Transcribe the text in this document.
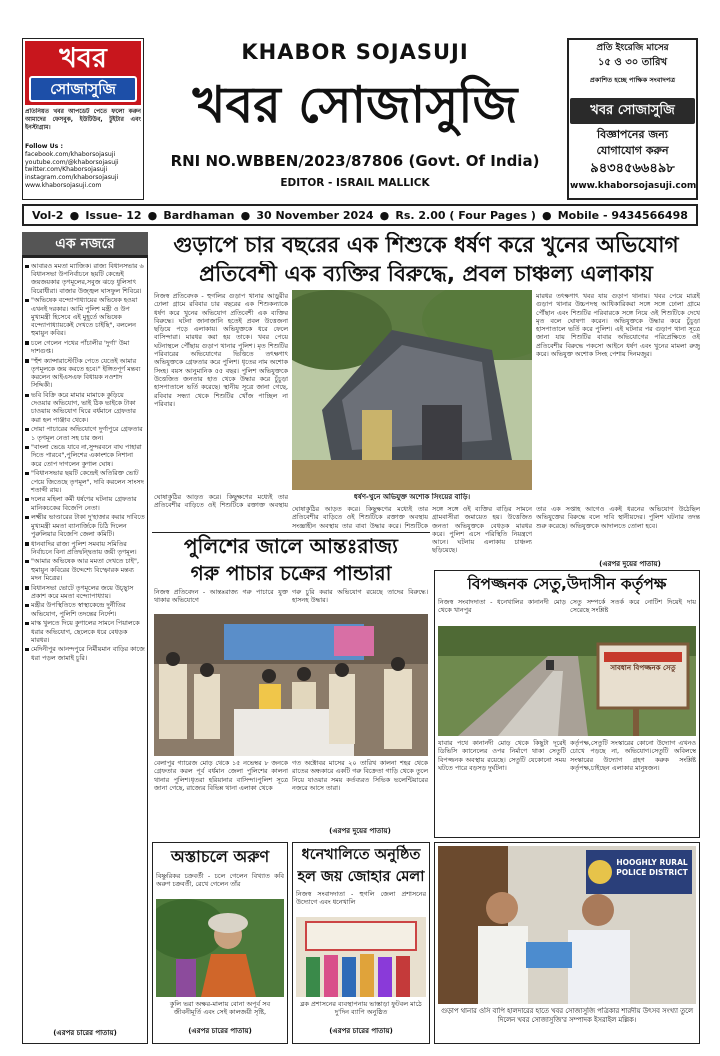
খবর
সোজাসুজি
প্রতিনিয়ত খবর আপডেট পেতে ফলো করুন আমাদের ফেসবুক, ইউটিউব, টুইটার এবং ইনস্টাগ্রাম।
Follow Us :
facebook.com/khaborsojasuji
youtube.com/@khaborsojasuji
twitter.com/Khaborsojasuji
instagram.com/khaborsojasuji
www.khaborsojasuji.com
KHABOR SOJASUJI
খবর সোজাসুজি
RNI NO.WBBEN/2023/87806 (Govt. Of India)
EDITOR - ISRAIL MALLICK
প্রতি ইংরেজি মাসের
১৫ ও ৩০ তারিখ
প্রকাশিত হচ্ছে পাক্ষিক সংবাদপত্র
খবর সোজাসুজি
বিজ্ঞাপনের জন্য
যোগাযোগ করুন
৯৪৩৪৫৬৬৪৯৮
www.khaborsojasuji.com
Vol-2 ● Issue- 12 ● Bardhaman ● 30 November 2024 ● Rs. 2.00 ( Four Pages ) ● Mobile - 9434566498
এক নজরে
আবারও মমতা ম্যাজিক। রাজ্য বিধানসভার ৬ বিধানসভা উপনির্বাচনে ছয়টি কেন্দ্রেই জয়জয়কার তৃণমূলের,সবুজ ঝড়ে ধুলিসাৎ বিরোধীরা। বাজার উজ্জ্বল ঘাসফুল শিবিরে।
"অভিষেক বন্দ্যোপাধ্যায়ের অভিষেক হওয়া এখনই দরকার। আমি পুলিশ মন্ত্রী ও উপ মুখ্যমন্ত্রী হিসেবে এই মুহূর্তে অভিষেক বন্দ্যোপাধ্যায়কেই দেখতে চাইছি", বললেন হুমায়ুন কবির।
চলে গেলেন পথের পাঁচালীর 'দুর্গা' উমা দাশগুপ্ত।
"হুঁশ ক্যান্সারাস্টেটিক পেতে যেতেই আমার তৃণমূলকে জয় করতে হবে।" ইঙ্গিতপূর্ণ মন্তব্য করলেন আইএসএফ বিধায়ক নওশাদ সিদ্দিকী।
ভবি বিক্রি করে মামার মামাকে কুড়িয়ে দেওয়ার অভিযোগ, ভাই ঠিক ভাইকে টাকা চাওয়ায় অভিযোগ ঘিরে বর্ধমানে গ্রেফতার করা হল পাঞ্জাব থেকে।
দোয়া পাচারের অভিযোগে দুর্গাপুরে গ্রেফতার ১ তৃণমূল নেতা সহ চার জন।
"বাংলা ভেঙে যাবে না,সুন্দরবনে বাঘ পাহারা দিতে পারবে",পুলিশের একাংশকে নিশানা করে তোপ দাগলেন কুণাল ঘোষ।
"বিধানসভার ছয়টি কেন্দ্রেই অতিরিক্ত ভোট পেয়ে জিতেছে তৃণমূল", দাবি করলেন সাংসদ শতাব্দী রায়।
দলের মহিলা কর্মী ধর্ষণের ঘটনায় গ্রেফতার মানিকচকের বিজেপি নেতা।
লক্ষ্মীর ভাণ্ডারের টাকা দু'হাজার করার দাবিতে মুখ্যমন্ত্রী মমতা ব্যানার্জিকে চিঠি দিলেন পুরুলিয়ার বিজেপি জেলা কমিটি।
ধানবাদির রাজ্য পুলিশ সমবায় সমিতির নির্বাচনে বিনা প্রতিদ্বন্দ্বিতায় জয়ী তৃণমূল।
"আমার অভিষেক আর মমতা দেখতে চাই", হুমায়ুন কবিরের উদ্দেশ্যে বিস্ফোরক মন্তব্য মদন মিত্রের।
বিধানসভা ভোটে তৃণমূলের জয়ে উচ্ছ্বাস প্রকাশ করে মমতা বন্দ্যোপাধ্যায়।
মন্ত্রীর উপস্থিতিতে স্বাস্থ্যকেন্দ্রে দুর্নীতির অভিযোগ, পুলিশি তদন্তের নির্দেশ।
মাস্ক খুলতে দিয়ে কুণালের সামনে পিয়ালকে ধরার অভিযোগ, ছেলেকে ধরে বেধড়ক মারধর।
মেদিনীপুর আনন্দপুরে নির্মীয়মান বাড়ির কাজে ধরা পড়ল জামাই চুরি।
(এরপর চারের পাতায়)
গুড়াপে চার বছরের এক শিশুকে ধর্ষণ করে খুনের অভিযোগ
প্রতিবেশী এক ব্যক্তির বিরুদ্ধে, প্রবল চাঞ্চল্য এলাকায়
নিজস্ব প্রতিবেদক - হুগলির গুড়াপ থানার আড়ুরীর ঢোলা গ্রামে রবিবার চার বছরের এক শিশুকন্যাকে ধর্ষণ করে খুনের অভিযোগ প্রতিবেশী এক ব্যক্তির বিরুদ্ধে। ঘটনা জানাজানি হতেই প্রবল উত্তেজনা ছড়িয়ে পড়ে এলাকায়। অভিযুক্তকে ধরে ফেলে বাসিন্দারা। মারধর করা হয় তাকে। খবর পেয়ে ঘটনাস্থলে পৌঁছায় গুড়াপ থানার পুলিশ। মৃত শিশুটির পরিবারের অভিযোগের ভিত্তিতে তৎক্ষণাৎ অভিযুক্তকে গ্রেফতার করে পুলিশ। ধৃতের নাম অশোক সিংহ। বয়স আনুমানিক ৫৫ বছর। পুলিশ অভিযুক্তকে উত্তেজিত জনতার হাত থেকে উদ্ধার করে চুঁচুড়া হাসপাতালে ভর্তি করেছে। স্থানীয় সূত্রে জানা গেছে, রবিবার সন্ধ্যা থেকে শিশুটির খোঁজ পাচ্ছিল না পরিবার।
মারধর তৎক্ষণাৎ খবর যায় গুড়াপ থানায়। খবর পেয়ে মাত্রই গুড়াপ থানার উচ্চপদস্থ আধিকারিকরা সঙ্গে সঙ্গে ঢোলা গ্রামে পৌঁছান এবং শিশুটির পরিবারকে সঙ্গে নিয়ে ওই শিশুটিকে দেখে মৃত বলে ঘোষণা করেন। অভিযুক্তকে উদ্ধার করে চুঁচুড়া হাসপাতালে ভর্তি করে পুলিশ। এই ঘটনার পর গুড়াপ থানা সূত্রে জানা যায় শিশুটির বাবার অভিযোগের পরিপ্রেক্ষিতে ওই প্রতিবেশীর বিরুদ্ধে পকসো আইনে ধর্ষণ এবং খুনের মামলা রুজু করে। অভিযুক্ত অশোক সিংহ পেশায় দিনমজুর।
ধর্ষণ-খুনে অভিযুক্ত অশোক সিংয়ের বাড়ি।
ঘোষাকুঠির আড়ত করে। কিছুক্ষণের মধ্যেই তার প্রতিবেশীর বাড়িতে ওই শিশুটিকে রক্তাক্ত অবস্থায় ঘোষাকুঠির আড়ত করে। কিছুক্ষণের মধ্যেই তার প্রতিবেশীর বাড়িতে ওই শিশুটিকে রক্তাক্ত অবস্থায় সংজ্ঞাহীন অবস্থায় তার বাবা উদ্ধার করে। শিশুটিকে
সঙ্গে সঙ্গে ওই ব্যক্তির বাড়ির সামনে গ্রামবাসীরা জমায়েত হয়। উত্তেজিত জনতা অভিযুক্তকে বেধড়ক মারধর করে। পুলিশ এসে পরিস্থিতি নিয়ন্ত্রণে আনে। ঘটনায় এলাকায় চাঞ্চল্য ছড়িয়েছে।
তার এক সপ্তাহ আগেও একই ধরনের অভিযোগ উঠেছিল অভিযুক্তের বিরুদ্ধে বলে দাবি স্থানীয়দের। পুলিশ ঘটনার তদন্ত শুরু করেছে। অভিযুক্তকে আদালতে তোলা হবে।
(এরপর দুয়ের পাতায়)
পুলিশের জালে আন্তঃরাজ্য
গরু পাচার চক্রের পান্ডারা
নিজস্ব প্রতিবেদন - আন্তঃরাজ্য গরু পাচারে যুক্ত থাকার অভিযোগে
গরু চুরি করার অভিযোগ রয়েছে তাদের বিরুদ্ধে। হাসনহ উদ্ধার।
বেলাপুর গ্যারেজ মোড় থেকে ১৫ নভেম্বর ৮ জনকে গ্রেফতার করল পূর্ব বর্ধমান জেলা পুলিশের কালনা থানার পুলিশ।ধৃতরা হরিয়ানার বাসিন্দা।পুলিশ সূত্রে জানা গেছে, রাজ্যের বিভিন্ন থানা এলাকা থেকে
গত অক্টোবর মাসের ২০ তারিখ কালনা শহর থেকে রাতের অন্ধকারে একটি গরু বিক্রেতা গাড়ি থেকে তুলে নিয়ে যাওয়ার সময় কর্তব্যরত সিভিক ভলেন্টিয়ারের নজরে আসে তারা।
(এরপর দুয়ের পাতায়)
বিপজ্জনক সেতু,উদাসীন কর্তৃপক্ষ
নিজস্ব সংবাদদাতা - ধনেখালির কানানদী মোড় থেকে খানপুর
সেতু সম্পর্কে সতর্ক করে নোটিশ দিয়েই দায় সেরেছে সংশ্লিষ্ট
সাবধান বিপজ্জনক সেতু
যাবার পথে কানানদী মোড় থেকে কিছুটা দূরেই ডিভিসি ক্যানেলের ওপর নির্মাণে থাকা সেতুটি বিপজ্জনক অবস্থায় রয়েছে। সেতুটি যেকোনো সময় ঘটতে পারে বড়সড় দুর্ঘটনা।
কর্তৃপক্ষ,সেতুটি সংস্কারের কোনো উদ্যোগ এখনও চোখে পড়ছে না, অভিযোগ।সেতুটি অবিলম্বে সংস্কারের উদ্যোগ গ্রহণ করুক সংশ্লিষ্ট কর্তৃপক্ষ,চাইছেন এলাকার মানুষজন।
অস্তাচলে অরুণ
বিষ্ণুরিকর চক্রবর্তী - চলে গেলেন বিখ্যাত কবি অরুণ চক্রবর্তী, রেখে গেলেন তাঁর
কুলি ভরা অক্ষর-মালায় বোনা অপূর্ব সব জীবনীমূর্তি এবং সেই কালজয়ী সৃষ্টি,
(এরপর চারের পাতায়)
ধনেখালিতে অনুষ্ঠিত
হল জয় জোহার মেলা
নিজস্ব সংবাদদাতা - হুগলি জেলা প্রশাসনের উদ্যোগে এবং ধনেখালি
ব্লক প্রশাসনের ব্যবস্থাপনায় ভাস্তাড়া ফুটবল মাঠে দু'দিন ব্যাপি অনুষ্ঠিত
(এরপর চারের পাতায়)
HOOGHLY RURAL POLICE DISTRICT
গুড়াপ থানার ওসি বাপি হালদারের হাতে খবর সোজাসুজি পত্রিকার শারদীয় উৎসব সংখ্যা তুলে দিলেন খবর সোজাসুজি'র সম্পাদক ইসরাইল মল্লিক।
